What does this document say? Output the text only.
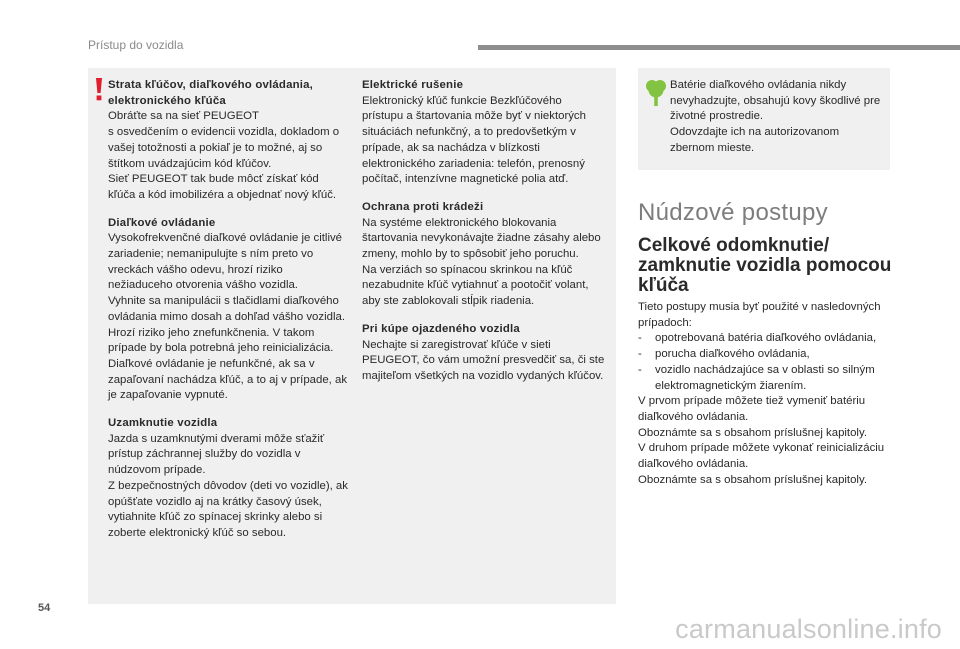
Prístup do vozidla

Strata kľúčov, diaľkového ovládania, elektronického kľúča

Obráťte sa na sieť PEUGEOT
s osvedčením o evidencii vozidla, dokladom o vašej totožnosti a pokiaľ je to možné, aj so štítkom uvádzajúcim kód kľúčov.
Sieť PEUGEOT tak bude môcť získať kód kľúča a kód imobilizéra a objednať nový kľúč.

Diaľkové ovládanie

Vysokofrekvenčné diaľkové ovládanie je citlivé zariadenie; nemanipulujte s ním preto vo vreckách vášho odevu, hrozí riziko nežiaduceho otvorenia vášho vozidla.
Vyhnite sa manipulácii s tlačidlami diaľkového ovládania mimo dosah a dohľad vášho vozidla. Hrozí riziko jeho znefunkčnenia. V takom prípade by bola potrebná jeho reinicializácia.
Diaľkové ovládanie je nefunkčné, ak sa v zapaľovaní nachádza kľúč, a to aj v prípade, ak je zapaľovanie vypnuté.

Uzamknutie vozidla

Jazda s uzamknutými dverami môže sťažiť prístup záchrannej služby do vozidla v núdzovom prípade.
Z bezpečnostných dôvodov (deti vo vozidle), ak opúšťate vozidlo aj na krátky časový úsek, vytiahnite kľúč zo spínacej skrinky alebo si zoberte elektronický kľúč so sebou.

Elektrické rušenie

Elektronický kľúč funkcie Bezkľúčového prístupu a štartovania môže byť v niektorých situáciách nefunkčný, a to predovšetkým v prípade, ak sa nachádza v blízkosti elektronického zariadenia: telefón, prenosný počítač, intenzívne magnetické polia atď.

Ochrana proti krádeži

Na systéme elektronického blokovania štartovania nevykonávajte žiadne zásahy alebo zmeny, mohlo by to spôsobiť jeho poruchu.
Na verziách so spínacou skrinkou na kľúč nezabudnite kľúč vytiahnuť a pootočiť volant, aby ste zablokovali stĺpik riadenia.

Pri kúpe ojazdeného vozidla

Nechajte si zaregistrovať kľúče v sieti PEUGEOT, čo vám umožní presvedčiť sa, či ste majiteľom všetkých na vozidlo vydaných kľúčov.

Batérie diaľkového ovládania nikdy nevyhadzujte, obsahujú kovy škodlivé pre životné prostredie.
Odovzdajte ich na autorizovanom zbernom mieste.

Núdzové postupy
Celkové odomknutie/
zamknutie vozidla pomocou kľúča

Tieto postupy musia byť použité v nasledovných prípadoch:

- opotrebovaná batéria diaľkového ovládania,
- porucha diaľkového ovládania,
- vozidlo nachádzajúce sa v oblasti so silným elektromagnetickým žiarením.

V prvom prípade môžete tiež vymeniť batériu diaľkového ovládania.

Oboznámte sa s obsahom príslušnej kapitoly.

V druhom prípade môžete vykonať reinicializáciu diaľkového ovládania.

Oboznámte sa s obsahom príslušnej kapitoly.

54
carmanualsonline.info
